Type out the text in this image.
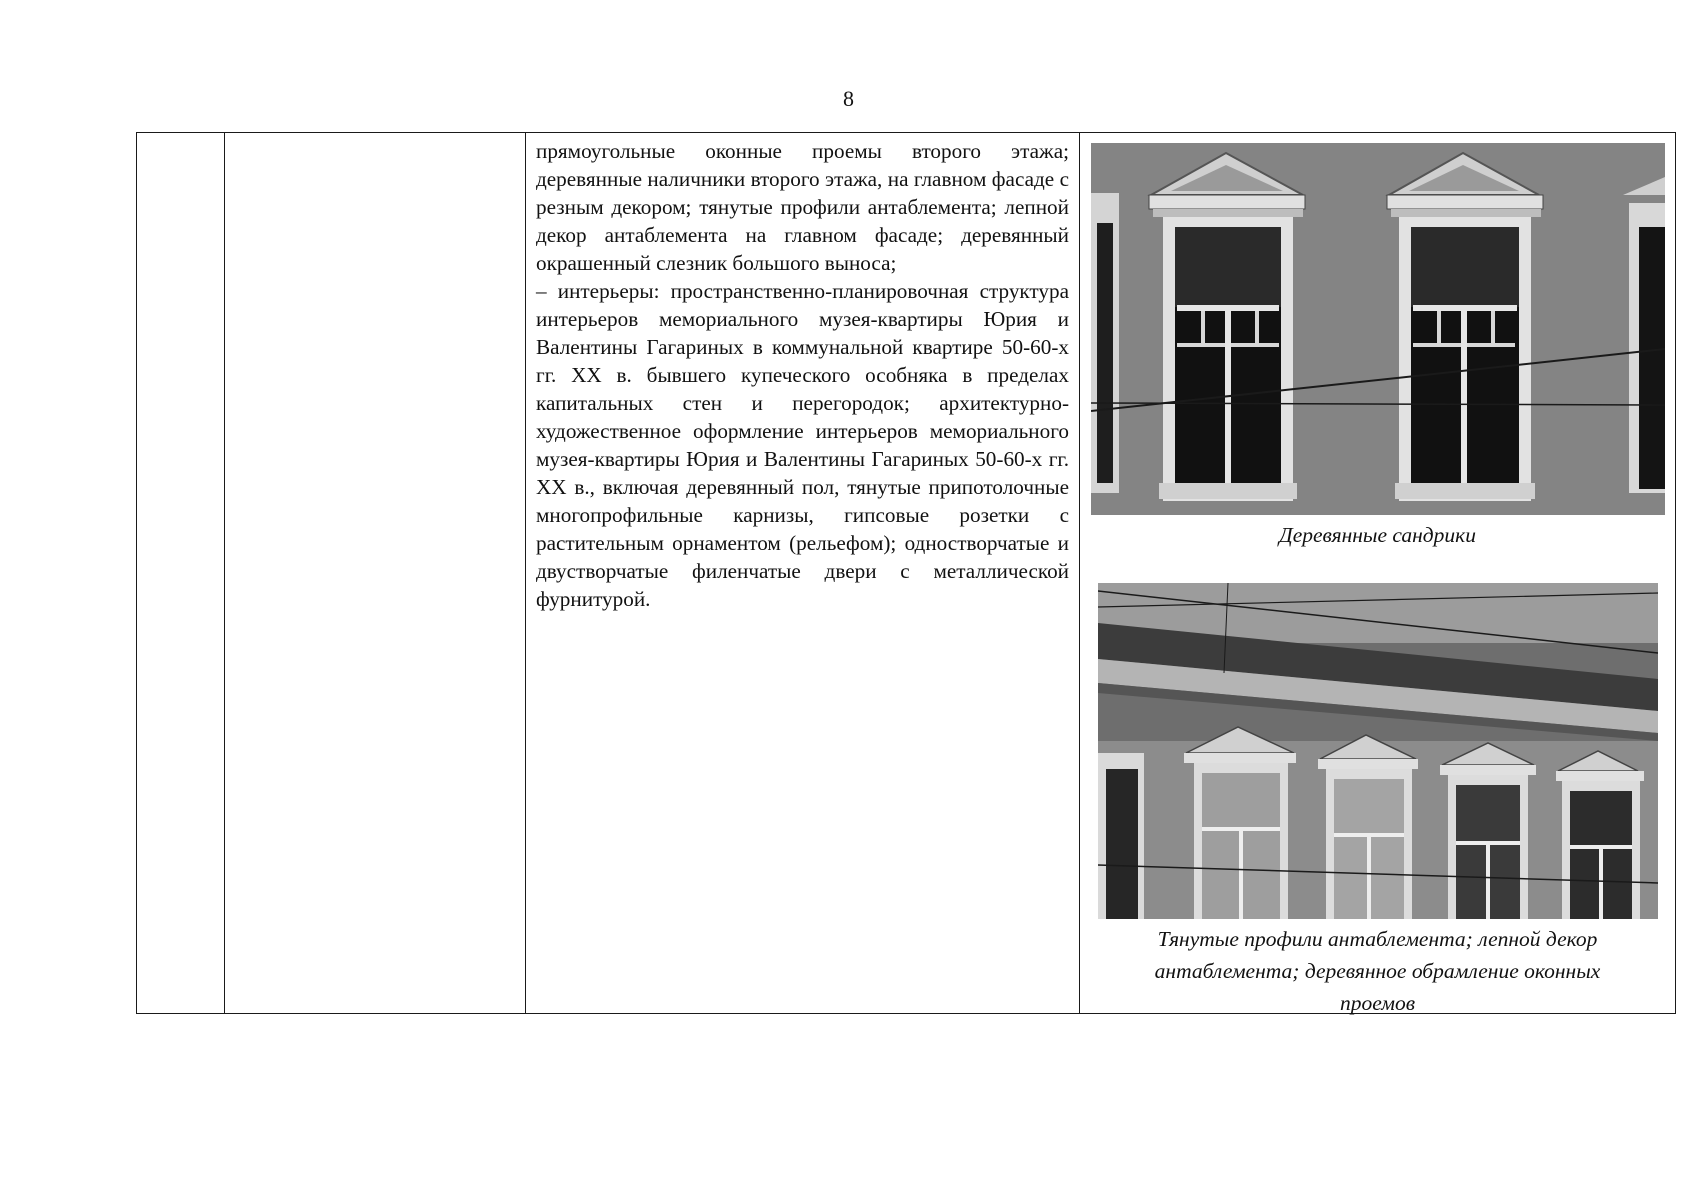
8

прямоугольные оконные проемы второго этажа; деревянные наличники второго этажа, на главном фасаде с резным декором; тянутые профили антаблемента; лепной декор антаблемента на главном фасаде; деревянный окрашенный слезник большого выноса;

– интерьеры: пространственно-планировочная структура интерьеров мемориального музея-квартиры Юрия и Валентины Гагариных в коммунальной квартире 50-60-х гг. XX в. бывшего купеческого особняка в пределах капитальных стен и перегородок; архитектурно-художественное оформление интерьеров мемориального музея-квартиры Юрия и Валентины Гагариных 50-60-х гг. XX в., включая деревянный пол, тянутые припотолочные многопрофильные карнизы, гипсовые розетки с растительным орнаментом (рельефом); одностворчатые и двустворчатые филенчатые двери с металлической фурнитурой.

Деревянные сандрики
Тянутые профили антаблемента; лепной декор антаблемента; деревянное обрамление оконных проемов
